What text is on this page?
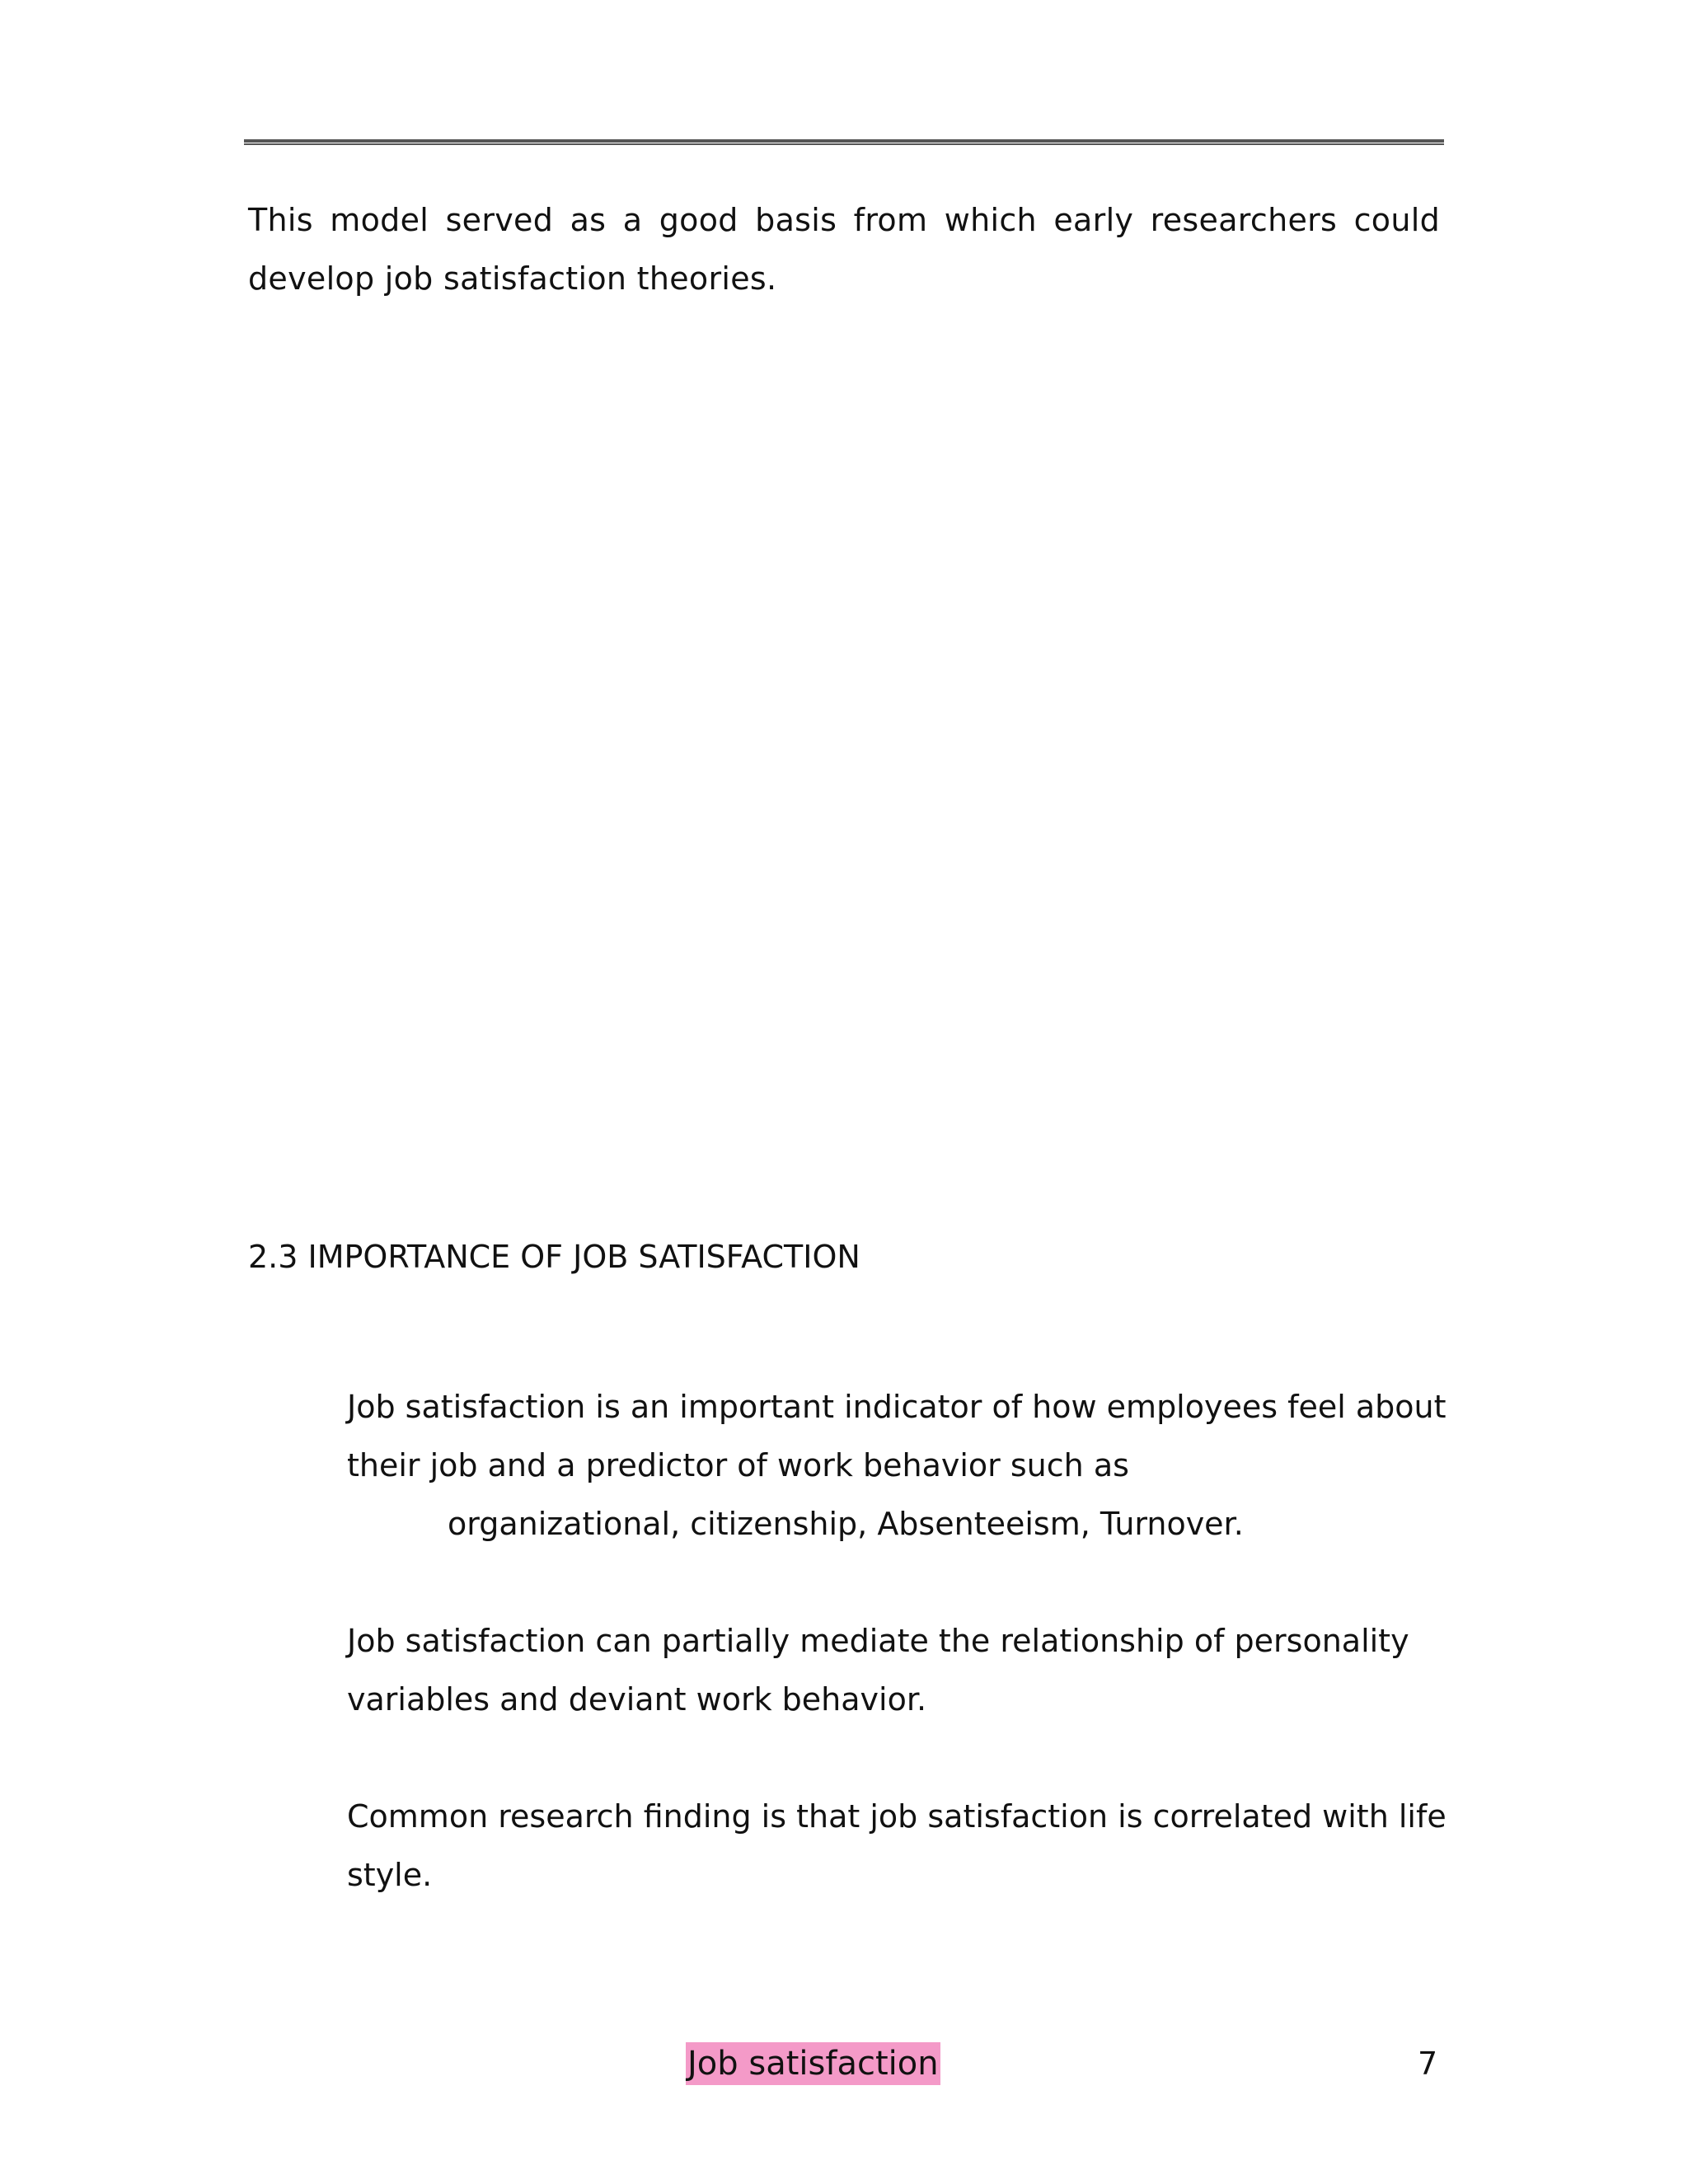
This model served as a good basis from which early researchers could develop job satisfaction theories.

2.3 IMPORTANCE OF JOB SATISFACTION
Job satisfaction is an important indicator of how employees feel about their job and a predictor of work behavior such as
organizational, citizenship, Absenteeism, Turnover.
Job satisfaction can partially mediate the relationship of personality variables and deviant work behavior.
Common research finding is that job satisfaction is correlated with life style.
Job satisfaction	7
